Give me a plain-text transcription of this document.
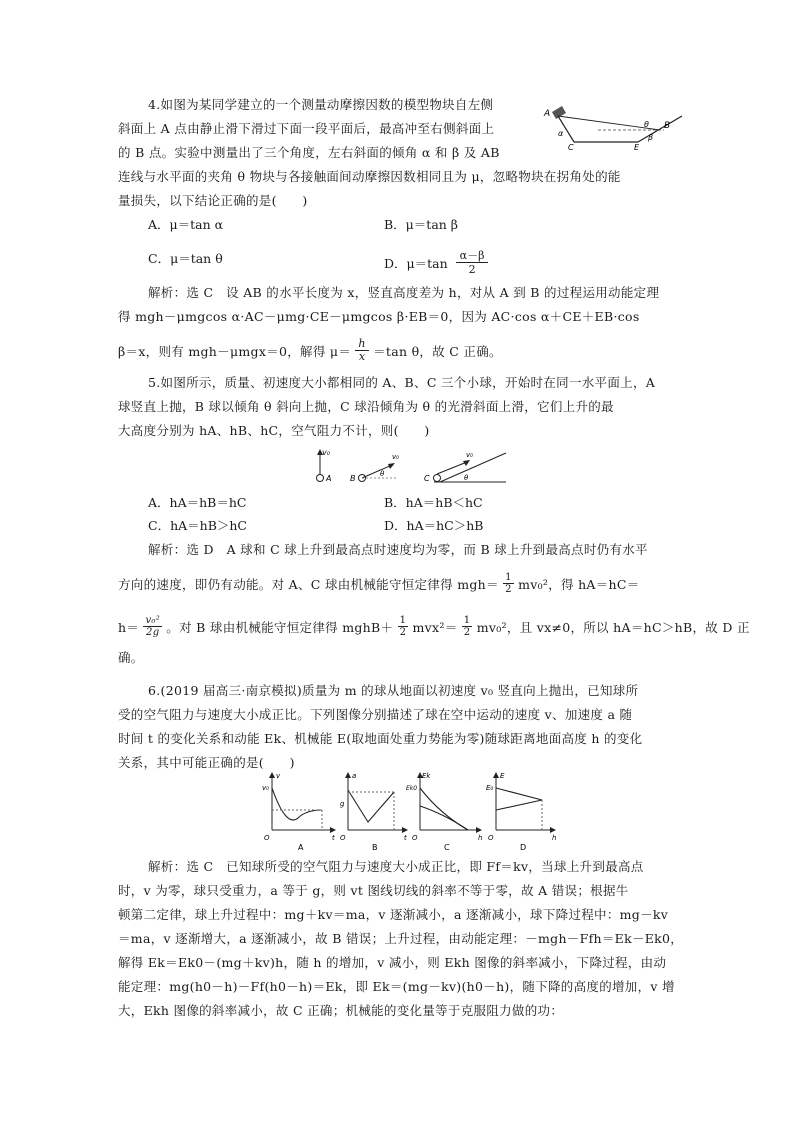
4.如图为某同学建立的一个测量动摩擦因数的模型物块自左侧
斜面上 A 点由静止滑下滑过下面一段平面后，最高冲至右侧斜面上
的 B 点。实验中测量出了三个角度，左右斜面的倾角 α 和 β 及 AB
连线与水平面的夹角 θ 物块与各接触面间动摩擦因数相同且为 μ，忽略物块在拐角处的能
量损失，以下结论正确的是(　　)
A
α
C	E
θ
β
B
A．μ＝tan α	B．μ＝tan β
C．μ＝tan θ	D．$\mu=\tan \frac{\alpha-\beta}{2}$
解析：选 C　设 AB 的水平长度为 x，竖直高度差为 h，对从 A 到 B 的过程运用动能定理
得 mgh－μmgcos α·AC－μmg·CE－μmgcos β·EB＝0，因为 AC·cos α＋CE＋EB·cos
β＝x，则有 mgh－μmgx＝0，解得 $\mu= \frac{h}{x} =\tan$ θ，故 C 正确。
5.如图所示，质量、初速度大小都相同的 A、B、C 三个小球，开始时在同一水平面上，A
球竖直上抛，B 球以倾角 θ 斜向上抛，C 球沿倾角为 θ 的光滑斜面上滑，它们上升的最
大高度分别为 hA、hB、hC，空气阻力不计，则(　　)
v₀
A B
v₀
θ	C
v₀
θ
A．hA＝hB＝hC	B．hA＝hB＜hC
C．hA＝hB＞hC	D．hA＝hC＞hB
解析：选 D　A 球和 C 球上升到最高点时速度均为零，而 B 球上升到最高点时仍有水平
方向的速度，即仍有动能。对 A、C 球由机械能守恒定律得 $mgh= \frac{1}{2} mv_0^2$，得 hA＝hC＝
$h= \frac{\text{v₀²}}{2g}$ 。对 B 球由机械能守恒定律得 mghB＋ $\frac{1}{2} mvx^2= \frac{1}{2} mv_0^2$，且 vx≠0，所以 hA＝hC＞hB，故 D 正
确。
6.(2019 届高三·南京模拟)质量为 m 的球从地面以初速度 v₀ 竖直向上抛出，已知球所
受的空气阻力与速度大小成正比。下列图像分别描述了球在空中运动的速度 v、加速度 a 随
时间 t 的变化关系和动能 Ek、机械能 E(取地面处重力势能为零)随球距离地面高度 h 的变化
关系，其中可能正确的是(　　)
v
v₀
t
O
A
a
g
t
O
B
Ek
Ek0
h
O
C
E
E₀
h
O
D
解析：选 C　已知球所受的空气阻力与速度大小成正比，即 Ff＝kv，当球上升到最高点
时，v 为零，球只受重力，a 等于 g，则 vt 图线切线的斜率不等于零，故 A 错误；根据牛
顿第二定律，球上升过程中：mg＋kv＝ma，v 逐渐减小，a 逐渐减小，球下降过程中：mg－kv
＝ma，v 逐渐增大，a 逐渐减小，故 B 错误；上升过程，由动能定理：－mgh－Ffh＝Ek－Ek0，
解得 Ek＝Ek0－(mg＋kv)h，随 h 的增加，v 减小，则 Ekh 图像的斜率减小，下降过程，由动
能定理：mg(h0－h)－Ff(h0－h)＝Ek，即 Ek＝(mg－kv)(h0－h)，随下降的高度的增加，v 增
大，Ekh 图像的斜率减小，故 C 正确；机械能的变化量等于克服阻力做的功：
